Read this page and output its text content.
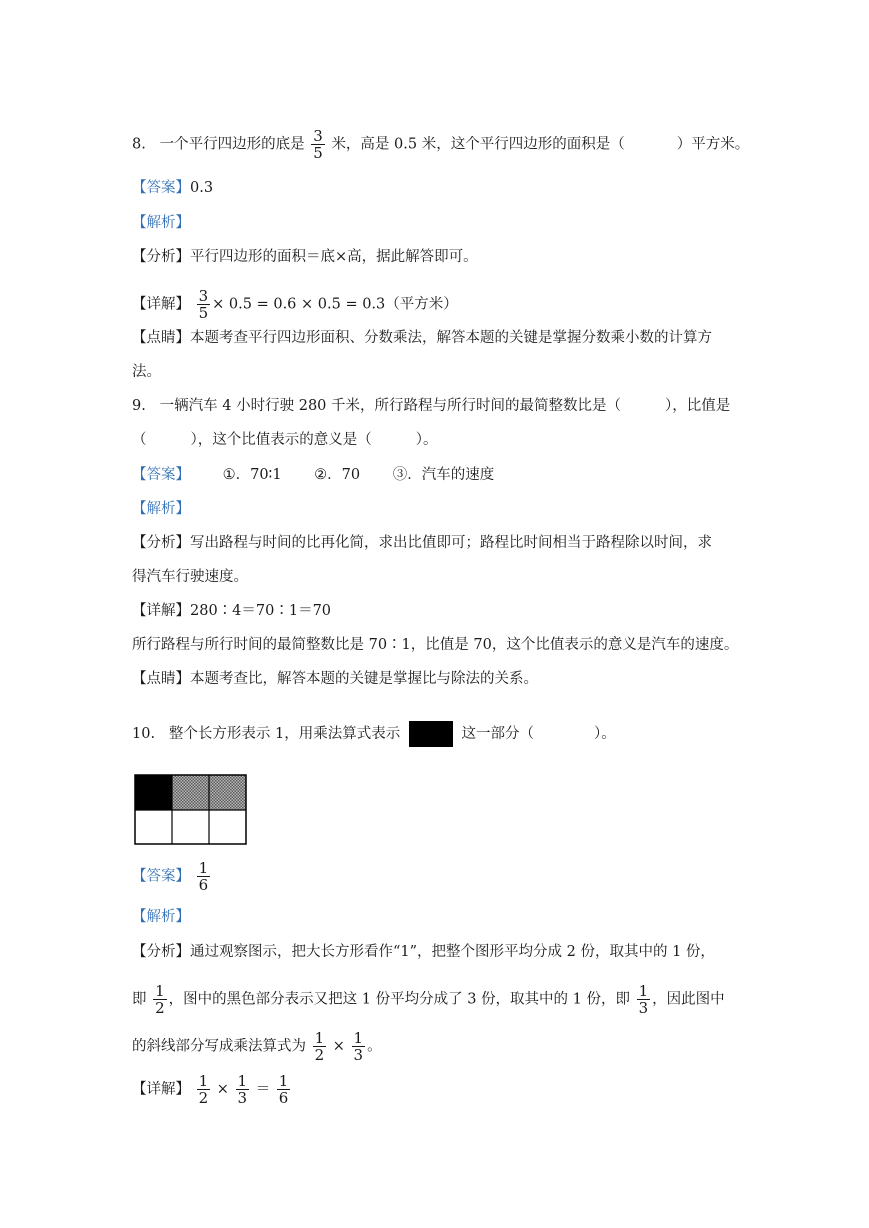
8. 一个平行四边形的底是 $\frac{3}{5}$ 米，高是 0.5 米，这个平行四边形的面积是（	）平方米。
【答案】0.3
【解析】
【分析】平行四边形的面积＝底×高，据此解答即可。
【详解】 $\frac{3}{5} \times 0.5 = 0.6 \times 0.5 = 0.3$（平方米）
【点睛】本题考查平行四边形面积、分数乘法，解答本题的关键是掌握分数乘小数的计算方
法。
9. 一辆汽车 4 小时行驶 280 千米，所行路程与所行时间的最简整数比是（	），比值是
（	），这个比值表示的意义是（	）。
【答案】 ①．70∶1 ②．70 ③．汽车的速度
【解析】
【分析】写出路程与时间的比再化简，求出比值即可；路程比时间相当于路程除以时间，求
得汽车行驶速度。
【详解】280∶4＝70∶1＝70
所行路程与所行时间的最简整数比是 70∶1，比值是 70，这个比值表示的意义是汽车的速度。
【点睛】本题考查比，解答本题的关键是掌握比与除法的关系。
10. 整个长方形表示 1，用乘法算式表示	这一部分（	）。
【答案】 $\frac{1}{6}$
【解析】
【分析】通过观察图示，把大长方形看作“1”，把整个图形平均分成 2 份，取其中的 1 份，
即 $\frac{1}{2}$ ，图中的黑色部分表示又把这 1 份平均分成了 3 份，取其中的 1 份，即 $\frac{1}{3}$ ，因此图中
的斜线部分写成乘法算式为 $\frac{1}{2} \times \frac{1}{3}$ 。
【详解】 $\frac{1}{2} \times \frac{1}{3} = \frac{1}{6}$
